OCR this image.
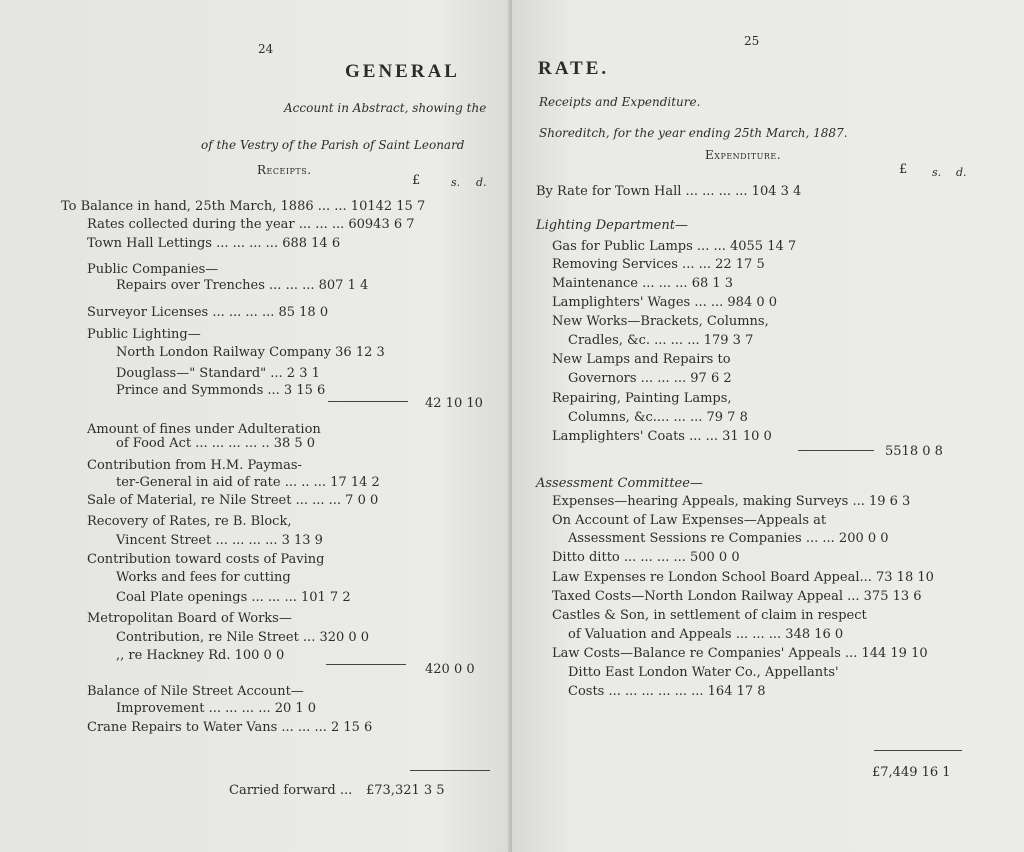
24
GENERAL
Account in Abstract, showing the
of the Vestry of the Parish of Saint Leonard
Receipts.
£	s. d.
To Balance in hand, 25th March, 1886 ... ... 10142 15 7
Rates collected during the year ... ... ... 60943 6 7
Town Hall Lettings ... ... ... ... 688 14 6
Public Companies—
Repairs over Trenches ... ... ... 807 1 4
Surveyor Licenses ... ... ... ... 85 18 0
Public Lighting—
North London Railway Company 36 12 3
Douglass—" Standard" ... 2 3 1
Prince and Symmonds ... 3 15 6
42 10 10
Amount of fines under Adulteration
of Food Act ... ... ... ... .. 38 5 0
Contribution from H.M. Paymas-
ter-General in aid of rate ... .. ... 17 14 2
Sale of Material, re Nile Street ... ... ... 7 0 0
Recovery of Rates, re B. Block,
Vincent Street ... ... ... ... 3 13 9
Contribution toward costs of Paving
Works and fees for cutting
Coal Plate openings ... ... ... 101 7 2
Metropolitan Board of Works—
Contribution, re Nile Street ... 320 0 0
,, re Hackney Rd. 100 0 0
420 0 0
Balance of Nile Street Account—
Improvement ... ... ... ... 20 1 0
Crane Repairs to Water Vans ... ... ... 2 15 6
Carried forward ... £73,321 3 5
25
RATE.
Receipts and Expenditure.
Shoreditch, for the year ending 25th March, 1887.
Expenditure.
£ s. d.
By Rate for Town Hall ... ... ... ... 104 3 4
Lighting Department—
Gas for Public Lamps ... ... 4055 14 7
Removing Services ... ... 22 17 5
Maintenance ... ... ... 68 1 3
Lamplighters' Wages ... ... 984 0 0
New Works—Brackets, Columns,
Cradles, &c. ... ... ... 179 3 7
New Lamps and Repairs to
Governors ... ... ... 97 6 2
Repairing, Painting Lamps,
Columns, &c.... ... ... 79 7 8
Lamplighters' Coats ... ... 31 10 0
5518 0 8
Assessment Committee—
Expenses—hearing Appeals, making Surveys ... 19 6 3
On Account of Law Expenses—Appeals at
Assessment Sessions re Companies ... ... 200 0 0
Ditto ditto ... ... ... ... 500 0 0
Law Expenses re London School Board Appeal... 73 18 10
Taxed Costs—North London Railway Appeal ... 375 13 6
Castles & Son, in settlement of claim in respect
of Valuation and Appeals ... ... ... 348 16 0
Law Costs—Balance re Companies' Appeals ... 144 19 10
Ditto East London Water Co., Appellants'
Costs ... ... ... ... ... ... 164 17 8
£7,449 16 1
